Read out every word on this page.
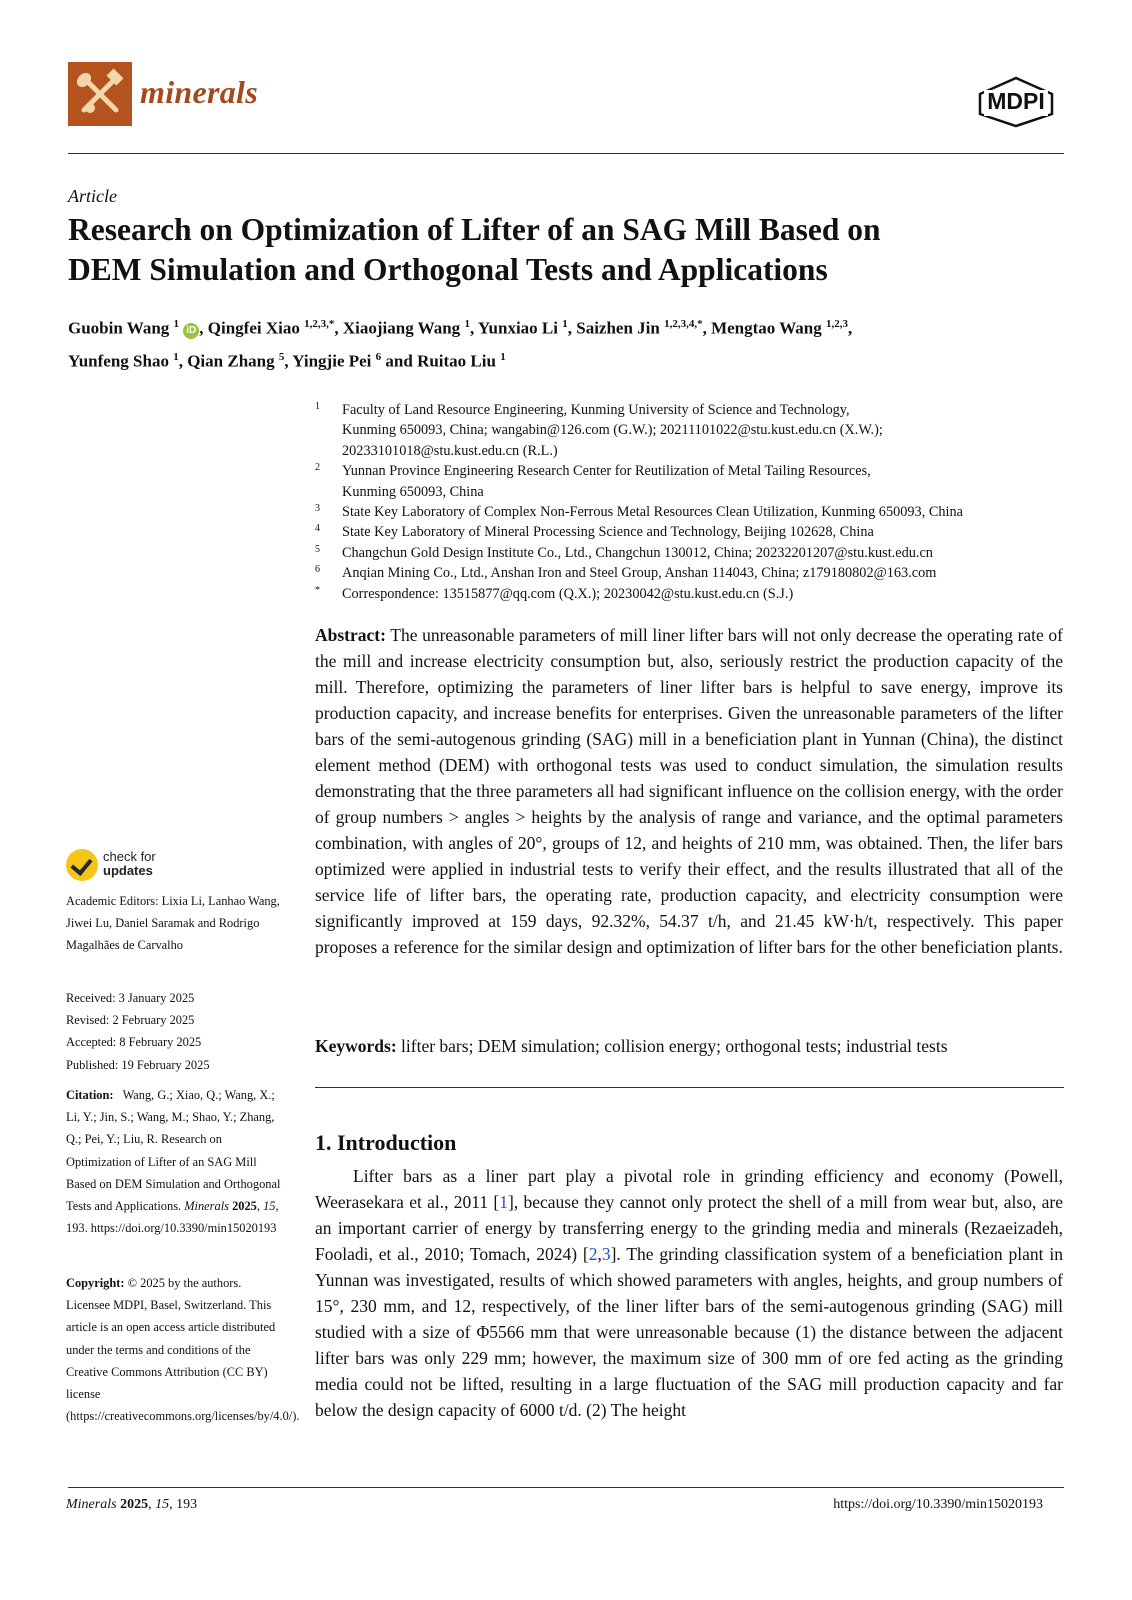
minerals	MDPI
Article
Research on Optimization of Lifter of an SAG Mill Based on
DEM Simulation and Orthogonal Tests and Applications
Guobin Wang $^1$ iD , Qingfei Xiao $^{1,2,3,*}$, Xiaojiang Wang $^1$, Yunxiao Li $^1$, Saizhen Jin $^{1,2,3,4,*}$, Mengtao Wang $^{1,2,3}$,
Yunfeng Shao $^1$, Qian Zhang $^5$, Yingjie Pei $^6$ and Ruitao Liu $^1$
1 Faculty of Land Resource Engineering, Kunming University of Science and Technology,
Kunming 650093, China; wangabin@126.com (G.W.); 20211101022@stu.kust.edu.cn (X.W.);
20233101018@stu.kust.edu.cn (R.L.)
2 Yunnan Province Engineering Research Center for Reutilization of Metal Tailing Resources,
Kunming 650093, China
3 State Key Laboratory of Complex Non-Ferrous Metal Resources Clean Utilization, Kunming 650093, China
4 State Key Laboratory of Mineral Processing Science and Technology, Beijing 102628, China
5 Changchun Gold Design Institute Co., Ltd., Changchun 130012, China; 20232201207@stu.kust.edu.cn
6 Anqian Mining Co., Ltd., Anshan Iron and Steel Group, Anshan 114043, China; z179180802@163.com
* Correspondence: 13515877@qq.com (Q.X.); 20230042@stu.kust.edu.cn (S.J.)
Abstract: The unreasonable parameters of mill liner lifter bars will not only decrease the operating rate of the mill and increase electricity consumption but, also, seriously restrict the production capacity of the mill. Therefore, optimizing the parameters of liner lifter bars is helpful to save energy, improve its production capacity, and increase benefits for enterprises. Given the unreasonable parameters of the lifter bars of the semi-autogenous grinding (SAG) mill in a beneficiation plant in Yunnan (China), the distinct element method (DEM) with orthogonal tests was used to conduct simulation, the simulation results demonstrating that the three parameters all had significant influence on the collision energy, with the order of group numbers > angles > heights by the analysis of range and variance, and the optimal parameters combination, with angles of 20°, groups of 12, and heights of 210 mm, was obtained. Then, the lifer bars optimized were applied in industrial tests to verify their effect, and the results illustrated that all of the service life of lifter bars, the operating rate, production capacity, and electricity consumption were significantly improved at 159 days, 92.32%, 54.37 t/h, and 21.45 kW·h/t, respectively. This paper proposes a reference for the similar design and optimization of lifter bars for the other beneficiation plants.
Keywords: lifter bars; DEM simulation; collision energy; orthogonal tests; industrial tests
1. Introduction
Lifter bars as a liner part play a pivotal role in grinding efficiency and economy (Powell, Weerasekara et al., 2011 [1], because they cannot only protect the shell of a mill from wear but, also, are an important carrier of energy by transferring energy to the grinding media and minerals (Rezaeizadeh, Fooladi, et al., 2010; Tomach, 2024) [2,3]. The grinding classification system of a beneficiation plant in Yunnan was investigated, results of which showed parameters with angles, heights, and group numbers of 15°, 230 mm, and 12, respectively, of the liner lifter bars of the semi-autogenous grinding (SAG) mill studied with a size of Φ5566 mm that were unreasonable because (1) the distance between the adjacent lifter bars was only 229 mm; however, the maximum size of 300 mm of ore fed acting as the grinding media could not be lifted, resulting in a large fluctuation of the SAG mill production capacity and far below the design capacity of 6000 t/d. (2) The height
check for
updates
Academic Editors: Lixia Li, Lanhao Wang, Jiwei Lu, Daniel Saramak and Rodrigo Magalhães de Carvalho
Received: 3 January 2025
Revised: 2 February 2025
Accepted: 8 February 2025
Published: 19 February 2025
Citation: Wang, G.; Xiao, Q.; Wang, X.; Li, Y.; Jin, S.; Wang, M.; Shao, Y.; Zhang, Q.; Pei, Y.; Liu, R. Research on Optimization of Lifter of an SAG Mill Based on DEM Simulation and Orthogonal Tests and Applications. Minerals 2025, 15, 193. https://doi.org/10.3390/min15020193
Copyright: © 2025 by the authors. Licensee MDPI, Basel, Switzerland. This article is an open access article distributed under the terms and conditions of the Creative Commons Attribution (CC BY) license (https://creativecommons.org/licenses/by/4.0/).
Minerals 2025, 15, 193	https://doi.org/10.3390/min15020193
